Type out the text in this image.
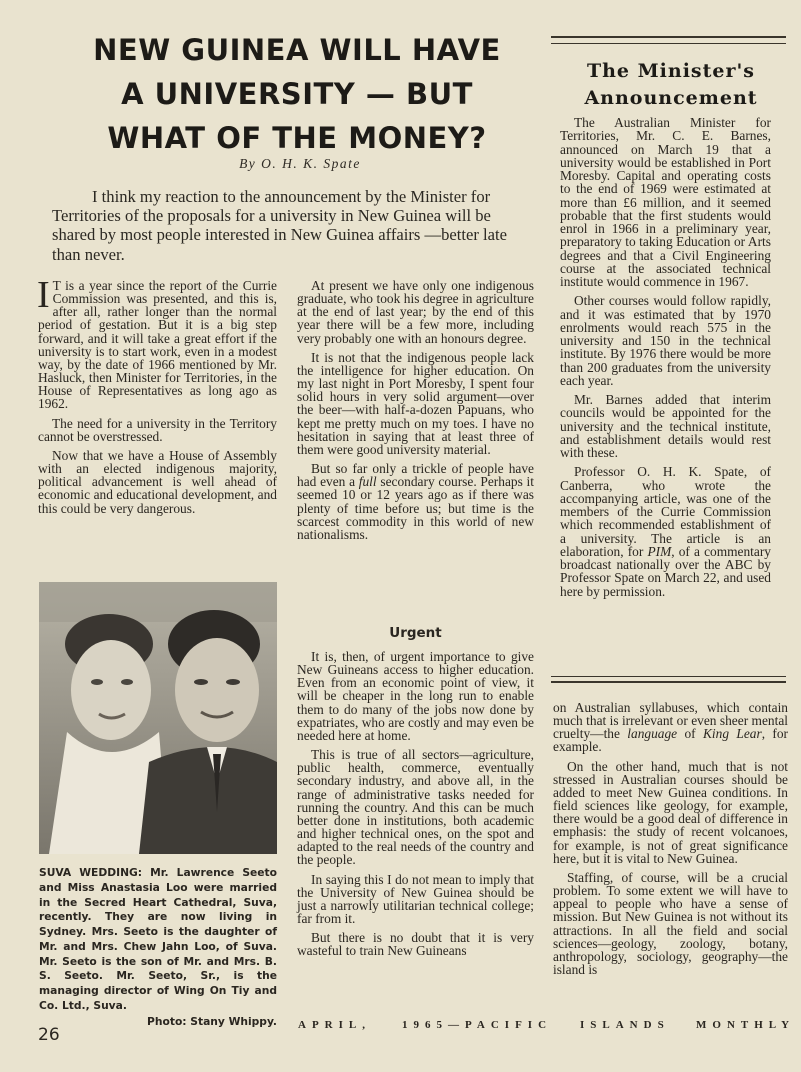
NEW GUINEA WILL HAVE
A UNIVERSITY — BUT
WHAT OF THE MONEY?
By O. H. K. Spate

I think my reaction to the announcement by the Minister for Territories of the proposals for a university in New Guinea will be shared by most people interested in New Guinea affairs —better late than never.

I T is a year since the report of the Currie Commission was presented, and this is, after all, rather longer than the normal period of gestation. But it is a big step forward, and it will take a great effort if the university is to start work, even in a modest way, by the date of 1966 mentioned by Mr. Hasluck, then Minister for Territories, in the House of Representatives as long ago as 1962.

The need for a university in the Territory cannot be overstressed.

Now that we have a House of Assembly with an elected indigenous majority, political advancement is well ahead of economic and educational development, and this could be very dangerous.

SUVA WEDDING: Mr. Lawrence Seeto and Miss Anastasia Loo were married in the Secred Heart Cathedral, Suva, recently. They are now living in Sydney. Mrs. Seeto is the daughter of Mr. and Mrs. Chew Jahn Loo, of Suva. Mr. Seeto is the son of Mr. and Mrs. B. S. Seeto. Mr. Seeto, Sr., is the managing director of Wing On Tiy and Co. Ltd., Suva.
Photo: Stany Whippy.

At present we have only one indigenous graduate, who took his degree in agriculture at the end of last year; by the end of this year there will be a few more, including very probably one with an honours degree.

It is not that the indigenous people lack the intelligence for higher education. On my last night in Port Moresby, I spent four solid hours in very solid argument—over the beer—with half-a-dozen Papuans, who kept me pretty much on my toes. I have no hesitation in saying that at least three of them were good university material.

But so far only a trickle of people have had even a full secondary course. Perhaps it seemed 10 or 12 years ago as if there was plenty of time before us; but time is the scarcest commodity in this world of new nationalisms.

Urgent

It is, then, of urgent importance to give New Guineans access to higher education. Even from an economic point of view, it will be cheaper in the long run to enable them to do many of the jobs now done by expatriates, who are costly and may even be needed here at home.

This is true of all sectors—agriculture, public health, commerce, eventually secondary industry, and above all, in the range of administrative tasks needed for running the country. And this can be much better done in institutions, both academic and higher technical ones, on the spot and adapted to the real needs of the country and the people.

In saying this I do not mean to imply that the University of New Guinea should be just a narrowly utilitarian technical college; far from it.

But there is no doubt that it is very wasteful to train New Guineans

The Minister's
Announcement

The Australian Minister for Territories, Mr. C. E. Barnes, announced on March 19 that a university would be established in Port Moresby. Capital and operating costs to the end of 1969 were estimated at more than £6 million, and it seemed probable that the first students would enrol in 1966 in a preliminary year, preparatory to taking Education or Arts degrees and that a Civil Engineering course at the associated technical institute would commence in 1967.

Other courses would follow rapidly, and it was estimated that by 1970 enrolments would reach 575 in the university and 150 in the technical institute. By 1976 there would be more than 200 graduates from the university each year.

Mr. Barnes added that interim councils would be appointed for the university and the technical institute, and establishment details would rest with these.

Professor O. H. K. Spate, of Canberra, who wrote the accompanying article, was one of the members of the Currie Commission which recommended establishment of a university. The article is an elaboration, for PIM, of a commentary broadcast nationally over the ABC by Professor Spate on March 22, and used here by permission.

on Australian syllabuses, which contain much that is irrelevant or even sheer mental cruelty—the language of King Lear, for example.

On the other hand, much that is not stressed in Australian courses should be added to meet New Guinea conditions. In field sciences like geology, for example, there would be a good deal of difference in emphasis: the study of recent volcanoes, for example, is not of great significance here, but it is vital to New Guinea.

Staffing, of course, will be a crucial problem. To some extent we will have to appeal to people who have a sense of mission. But New Guinea is not without its attractions. In all the field and social sciences—geology, zoology, botany, anthropology, sociology, geography—the island is

26	APRIL,	1965—PACIFIC	ISLANDS MONTHLY
